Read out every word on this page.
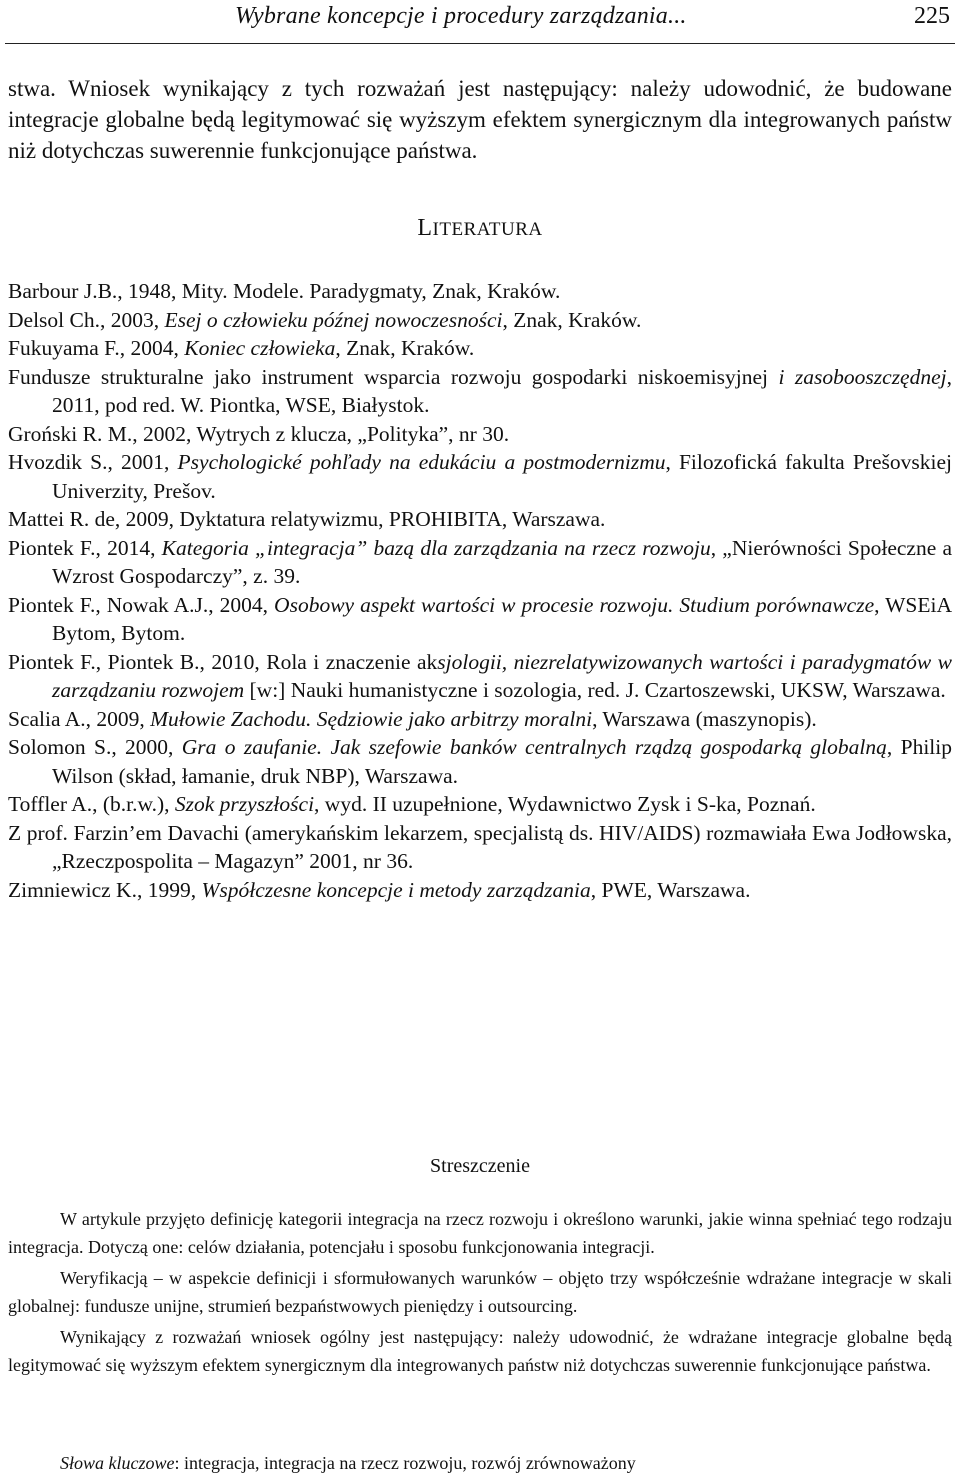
Wybrane koncepcje i procedury zarządzania...	225
stwa. Wniosek wynikający z tych rozważań jest następujący: należy udowodnić, że budowane integracje globalne będą legitymować się wyższym efektem synergicznym dla integrowanych państw niż dotychczas suwerennie funkcjonujące państwa.
LITERATURA

Barbour J.B., 1948, Mity. Modele. Paradygmaty, Znak, Kraków.

Delsol Ch., 2003, Esej o człowieku późnej nowoczesności, Znak, Kraków.

Fukuyama F., 2004, Koniec człowieka, Znak, Kraków.

Fundusze strukturalne jako instrument wsparcia rozwoju gospodarki niskoemisyjnej i zasobooszczędnej, 2011, pod red. W. Piontka, WSE, Białystok.

Groński R. M., 2002, Wytrych z klucza, „Polityka”, nr 30.

Hvozdik S., 2001, Psychologické pohľady na edukáciu a postmodernizmu, Filozofická fakulta Prešovskiej Univerzity, Prešov.

Mattei R. de, 2009, Dyktatura relatywizmu, PROHIBITA, Warszawa.

Piontek F., 2014, Kategoria „integracja” bazą dla zarządzania na rzecz rozwoju, „Nierówności Społeczne a Wzrost Gospodarczy”, z. 39.

Piontek F., Nowak A.J., 2004, Osobowy aspekt wartości w procesie rozwoju. Studium porównawcze, WSEiA Bytom, Bytom.

Piontek F., Piontek B., 2010, Rola i znaczenie aksjologii, niezrelatywizowanych wartości i paradygmatów w zarządzaniu rozwojem [w:] Nauki humanistyczne i sozologia, red. J. Czartoszewski, UKSW, Warszawa.

Scalia A., 2009, Mułowie Zachodu. Sędziowie jako arbitrzy moralni, Warszawa (maszynopis).

Solomon S., 2000, Gra o zaufanie. Jak szefowie banków centralnych rządzą gospodarką globalną, Philip Wilson (skład, łamanie, druk NBP), Warszawa.

Toffler A., (b.r.w.), Szok przyszłości, wyd. II uzupełnione, Wydawnictwo Zysk i S-ka, Poznań.

Z prof. Farzin’em Davachi (amerykańskim lekarzem, specjalistą ds. HIV/AIDS) rozmawiała Ewa Jodłowska, „Rzeczpospolita – Magazyn” 2001, nr 36.

Zimniewicz K., 1999, Współczesne koncepcje i metody zarządzania, PWE, Warszawa.

Streszczenie

W artykule przyjęto definicję kategorii integracja na rzecz rozwoju i określono warunki, jakie winna spełniać tego rodzaju integracja. Dotyczą one: celów działania, potencjału i sposobu funkcjonowania integracji.

Weryfikacją – w aspekcie definicji i sformułowanych warunków – objęto trzy współcześnie wdrażane integracje w skali globalnej: fundusze unijne, strumień bezpaństwowych pieniędzy i outsourcing.

Wynikający z rozważań wniosek ogólny jest następujący: należy udowodnić, że wdrażane integracje globalne będą legitymować się wyższym efektem synergicznym dla integrowanych państw niż dotychczas suwerennie funkcjonujące państwa.

Słowa kluczowe: integracja, integracja na rzecz rozwoju, rozwój zrównoważony
